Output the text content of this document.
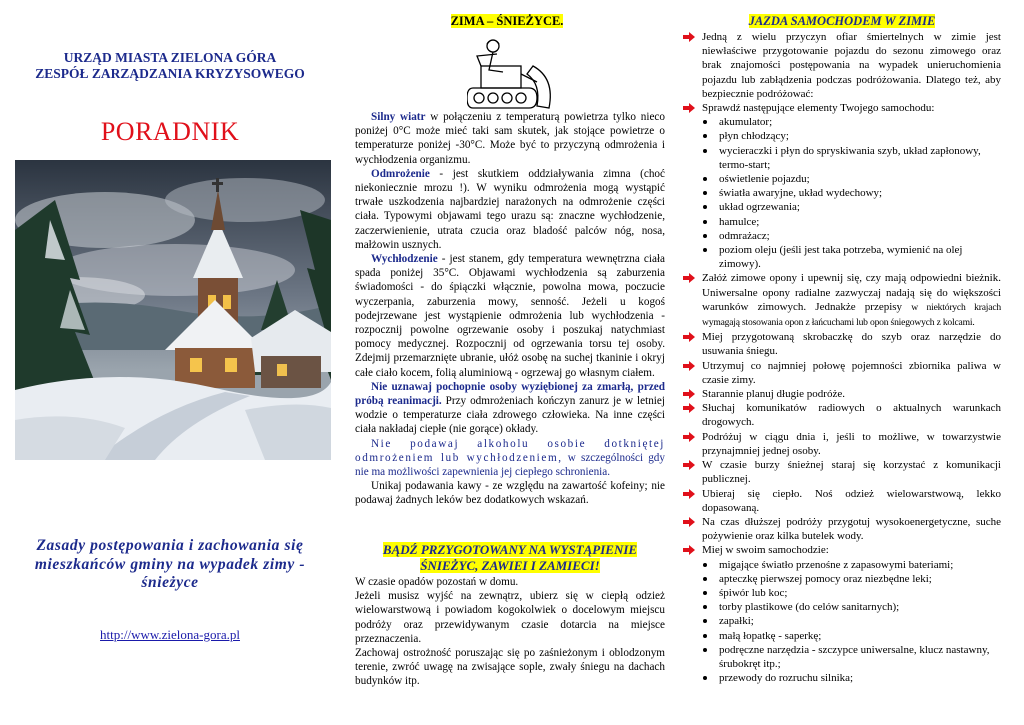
URZĄD MIASTA ZIELONA GÓRA
ZESPÓŁ ZARZĄDZANIA KRYZYSOWEGO
PORADNIK
Zasady postępowania i zachowania się mieszkańców gminy na wypadek zimy - śnieżyce
http://www.zielona-gora.pl
ZIMA – ŚNIEŻYCE.

Silny wiatr w połączeniu z temperaturą powietrza tylko nieco poniżej 0°C może mieć taki sam skutek, jak stojące powietrze o temperaturze poniżej -30°C. Może być to przyczyną odmrożenia i wychłodzenia organizmu.

Odmrożenie - jest skutkiem oddziaływania zimna (choć niekoniecznie mrozu !). W wyniku odmrożenia mogą wystąpić trwałe uszkodzenia najbardziej narażonych na odmrożenie części ciała. Typowymi objawami tego urazu są: znaczne wychłodzenie, zaczerwienienie, utrata czucia oraz bladość palców nóg, nosa, małżowin usznych.

Wychłodzenie - jest stanem, gdy temperatura wewnętrzna ciała spada poniżej 35°C. Objawami wychłodzenia są zaburzenia świadomości - do śpiączki włącznie, powolna mowa, poczucie wyczerpania, zaburzenia mowy, senność. Jeżeli u kogoś podejrzewane jest wystąpienie odmrożenia lub wychłodzenia - rozpocznij powolne ogrzewanie osoby i poszukaj natychmiast pomocy medycznej. Rozpocznij od ogrzewania torsu tej osoby. Zdejmij przemarznięte ubranie, ułóż osobę na suchej tkaninie i okryj całe ciało kocem, folią aluminiową - ogrzewaj go własnym ciałem.

Nie uznawaj pochopnie osoby wyziębionej za zmarłą, przed próbą reanimacji. Przy odmrożeniach kończyn zanurz je w letniej wodzie o temperaturze ciała zdrowego człowieka. Na inne części ciała nakładaj ciepłe (nie gorące) okłady.

Nie podawaj alkoholu osobie dotkniętej odmrożeniem lub wychłodzeniem, w szczególności gdy nie ma możliwości zapewnienia jej ciepłego schronienia.

Unikaj podawania kawy - ze względu na zawartość kofeiny; nie podawaj żadnych leków bez dodatkowych wskazań.

BĄDŹ PRZYGOTOWANY NA WYSTĄPIENIE
ŚNIEŻYC, ZAWIEI I ZAMIECI!
W czasie opadów pozostań w domu.
Jeżeli musisz wyjść na zewnątrz, ubierz się w ciepłą odzież wielowarstwową i powiadom kogokolwiek o docelowym miejscu podróży oraz przewidywanym czasie dotarcia na miejsce przeznaczenia.
Zachowaj ostrożność poruszając się po zaśnieżonym i oblodzonym terenie, zwróć uwagę na zwisające sople, zwały śniegu na dachach budynków itp.
JAZDA SAMOCHODEM W ZIMIE
Jedną z wielu przyczyn ofiar śmiertelnych w zimie jest niewłaściwe przygotowanie pojazdu do sezonu zimowego oraz brak znajomości postępowania na wypadek unieruchomienia pojazdu lub zabłądzenia podczas podróżowania. Dlatego też, aby bezpiecznie podróżować:
Sprawdź następujące elementy Twojego samochodu:
akumulator;
płyn chłodzący;
wycieraczki i płyn do spryskiwania szyb, układ zapłonowy, termo-start;
oświetlenie pojazdu;
światła awaryjne, układ wydechowy;
układ ogrzewania;
hamulce;
odmrażacz;
poziom oleju (jeśli jest taka potrzeba, wymienić na olej zimowy).
Załóż zimowe opony i upewnij się, czy mają odpowiedni bieżnik. Uniwersalne opony radialne zazwyczaj nadają się do większości warunków zimowych. Jednakże przepisy w niektórych krajach wymagają stosowania opon z łańcuchami lub opon śniegowych z kolcami.
Miej przygotowaną skrobaczkę do szyb oraz narzędzie do usuwania śniegu.
Utrzymuj co najmniej połowę pojemności zbiornika paliwa w czasie zimy.
Starannie planuj długie podróże.
Słuchaj komunikatów radiowych o aktualnych warunkach drogowych.
Podróżuj w ciągu dnia i, jeśli to możliwe, w towarzystwie przynajmniej jednej osoby.
W czasie burzy śnieżnej staraj się korzystać z komunikacji publicznej.
Ubieraj się ciepło. Noś odzież wielowarstwową, lekko dopasowaną.
Na czas dłuższej podróży przygotuj wysokoenergetyczne, suche pożywienie oraz kilka butelek wody.
Miej w swoim samochodzie:
migające światło przenośne z zapasowymi bateriami;
apteczkę pierwszej pomocy oraz niezbędne leki;
śpiwór lub koc;
torby plastikowe (do celów sanitarnych);
zapałki;
małą łopatkę - saperkę;
podręczne narzędzia - szczypce uniwersalne, klucz nastawny, śrubokręt itp.;
przewody do rozruchu silnika;
